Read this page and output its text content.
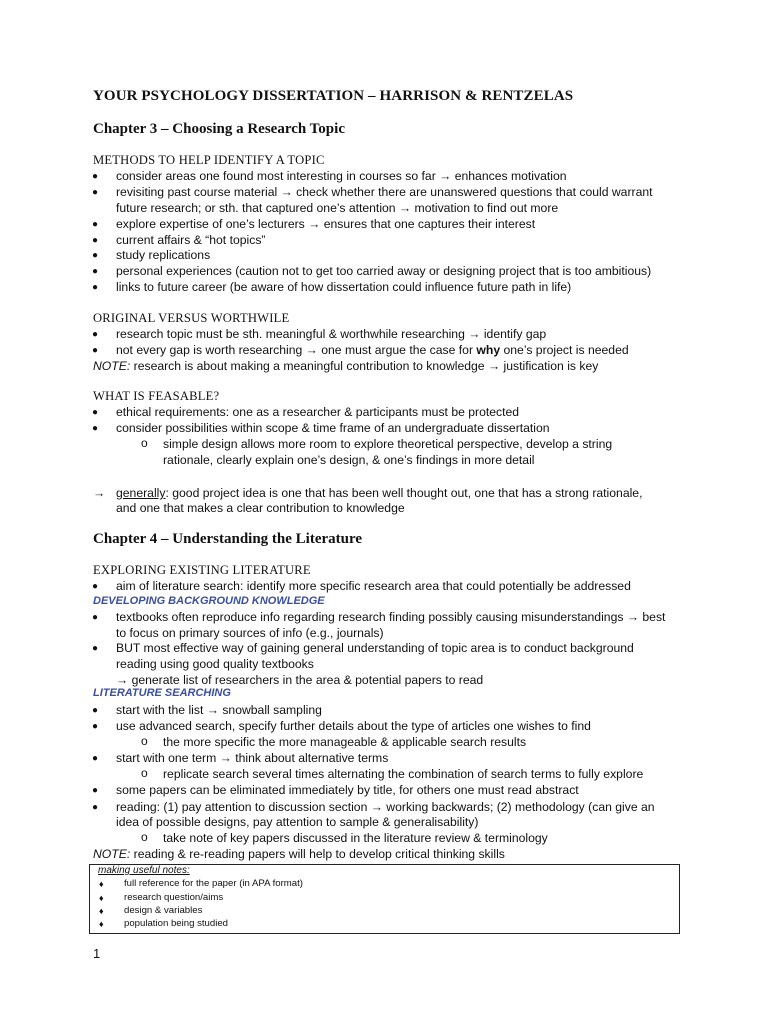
YOUR PSYCHOLOGY DISSERTATION – HARRISON & RENTZELAS
Chapter 3 – Choosing a Research Topic
METHODS TO HELP IDENTIFY A TOPIC
● consider areas one found most interesting in courses so far → enhances motivation
● revisiting past course material → check whether there are unanswered questions that could warrant
future research; or sth. that captured one’s attention → motivation to find out more
● explore expertise of one’s lecturers → ensures that one captures their interest
● current affairs & “hot topics”
● study replications
● personal experiences (caution not to get too carried away or designing project that is too ambitious)
● links to future career (be aware of how dissertation could influence future path in life)
ORIGINAL VERSUS WORTHWILE
● research topic must be sth. meaningful & worthwhile researching → identify gap
● not every gap is worth researching → one must argue the case for why one’s project is needed
NOTE: research is about making a meaningful contribution to knowledge → justification is key
WHAT IS FEASABLE?
● ethical requirements: one as a researcher & participants must be protected
● consider possibilities within scope & time frame of an undergraduate dissertation
o simple design allows more room to explore theoretical perspective, develop a string
rationale, clearly explain one’s design, & one’s findings in more detail
→ generally: good project idea is one that has been well thought out, one that has a strong rationale,
and one that makes a clear contribution to knowledge
Chapter 4 – Understanding the Literature
EXPLORING EXISTING LITERATURE
● aim of literature search: identify more specific research area that could potentially be addressed
DEVELOPING BACKGROUND KNOWLEDGE
● textbooks often reproduce info regarding research finding possibly causing misunderstandings → best
to focus on primary sources of info (e.g., journals)
● BUT most effective way of gaining general understanding of topic area is to conduct background
reading using good quality textbooks
→ generate list of researchers in the area & potential papers to read
LITERATURE SEARCHING
● start with the list → snowball sampling
● use advanced search, specify further details about the type of articles one wishes to find
o the more specific the more manageable & applicable search results
● start with one term → think about alternative terms
o replicate search several times alternating the combination of search terms to fully explore
● some papers can be eliminated immediately by title, for others one must read abstract
● reading: (1) pay attention to discussion section → working backwards; (2) methodology (can give an
idea of possible designs, pay attention to sample & generalisability)
o take note of key papers discussed in the literature review & terminology
NOTE: reading & re-reading papers will help to develop critical thinking skills
making useful notes:
♦ full reference for the paper (in APA format)
♦ research question/aims
♦ design & variables
♦ population being studied
1
